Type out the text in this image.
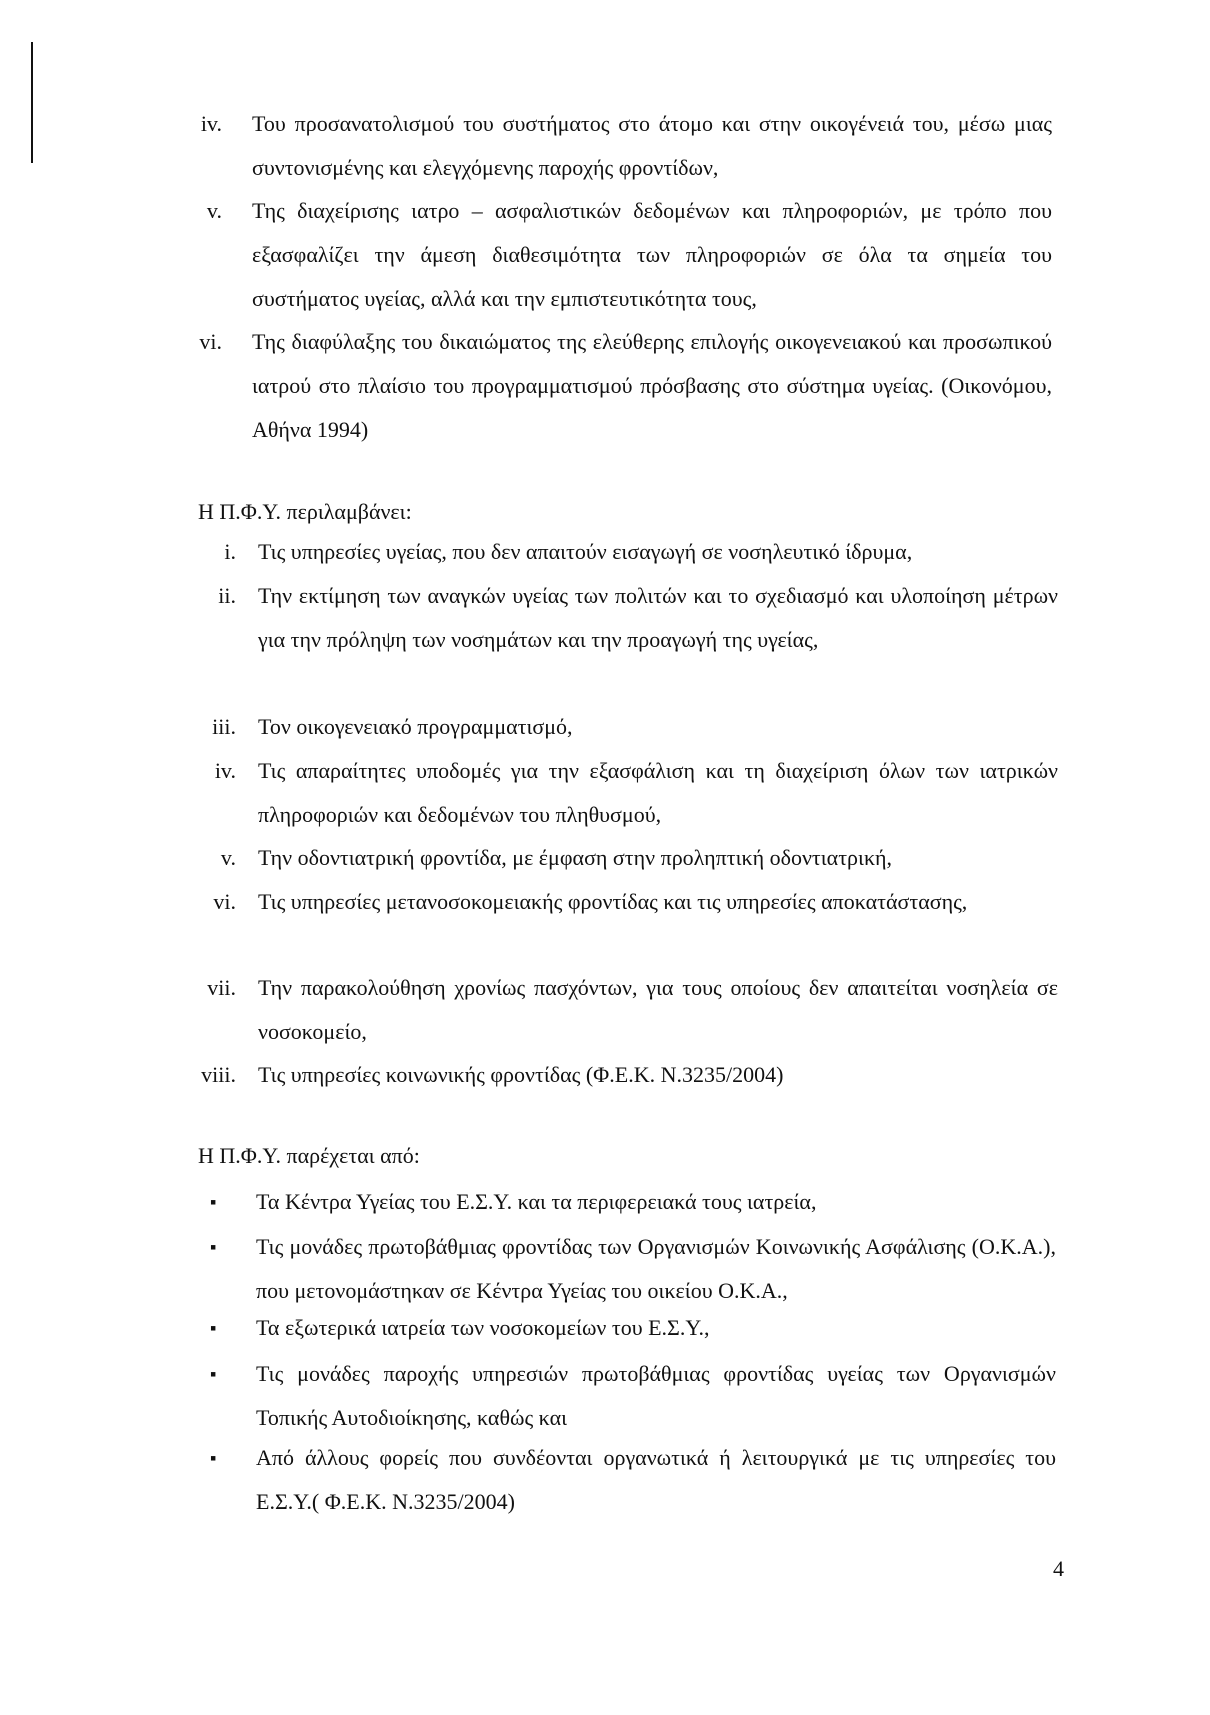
iv. Του προσανατολισμού του συστήματος στο άτομο και στην οικογένειά του, μέσω μιας συντονισμένης και ελεγχόμενης παροχής φροντίδων,
v. Της διαχείρισης ιατρο – ασφαλιστικών δεδομένων και πληροφοριών, με τρόπο που εξασφαλίζει την άμεση διαθεσιμότητα των πληροφοριών σε όλα τα σημεία του συστήματος υγείας, αλλά και την εμπιστευτικότητα τους,
vi. Της διαφύλαξης του δικαιώματος της ελεύθερης επιλογής οικογενειακού και προσωπικού ιατρού στο πλαίσιο του προγραμματισμού πρόσβασης στο σύστημα υγείας. (Οικονόμου, Αθήνα 1994)
Η Π.Φ.Υ. περιλαμβάνει:
i. Τις υπηρεσίες υγείας, που δεν απαιτούν εισαγωγή σε νοσηλευτικό ίδρυμα,
ii. Την εκτίμηση των αναγκών υγείας των πολιτών και το σχεδιασμό και υλοποίηση μέτρων για την πρόληψη των νοσημάτων και την προαγωγή της υγείας,
iii. Τον οικογενειακό προγραμματισμό,
iv. Τις απαραίτητες υποδομές για την εξασφάλιση και τη διαχείριση όλων των ιατρικών πληροφοριών και δεδομένων του πληθυσμού,
v. Την οδοντιατρική φροντίδα, με έμφαση στην προληπτική οδοντιατρική,
vi. Τις υπηρεσίες μετανοσοκομειακής φροντίδας και τις υπηρεσίες αποκατάστασης,
vii. Την παρακολούθηση χρονίως πασχόντων, για τους οποίους δεν απαιτείται νοσηλεία σε νοσοκομείο,
viii. Τις υπηρεσίες κοινωνικής φροντίδας (Φ.Ε.Κ. Ν.3235/2004)
Η Π.Φ.Υ. παρέχεται από:
▪ Τα Κέντρα Υγείας του Ε.Σ.Υ. και τα περιφερειακά τους ιατρεία,
▪ Τις μονάδες πρωτοβάθμιας φροντίδας των Οργανισμών Κοινωνικής Ασφάλισης (Ο.Κ.Α.), που μετονομάστηκαν σε Κέντρα Υγείας του οικείου Ο.Κ.Α.,
▪ Τα εξωτερικά ιατρεία των νοσοκομείων του Ε.Σ.Υ.,
▪ Τις μονάδες παροχής υπηρεσιών πρωτοβάθμιας φροντίδας υγείας των Οργανισμών Τοπικής Αυτοδιοίκησης, καθώς και
▪ Από άλλους φορείς που συνδέονται οργανωτικά ή λειτουργικά με τις υπηρεσίες του Ε.Σ.Υ.( Φ.Ε.Κ. Ν.3235/2004)
4
